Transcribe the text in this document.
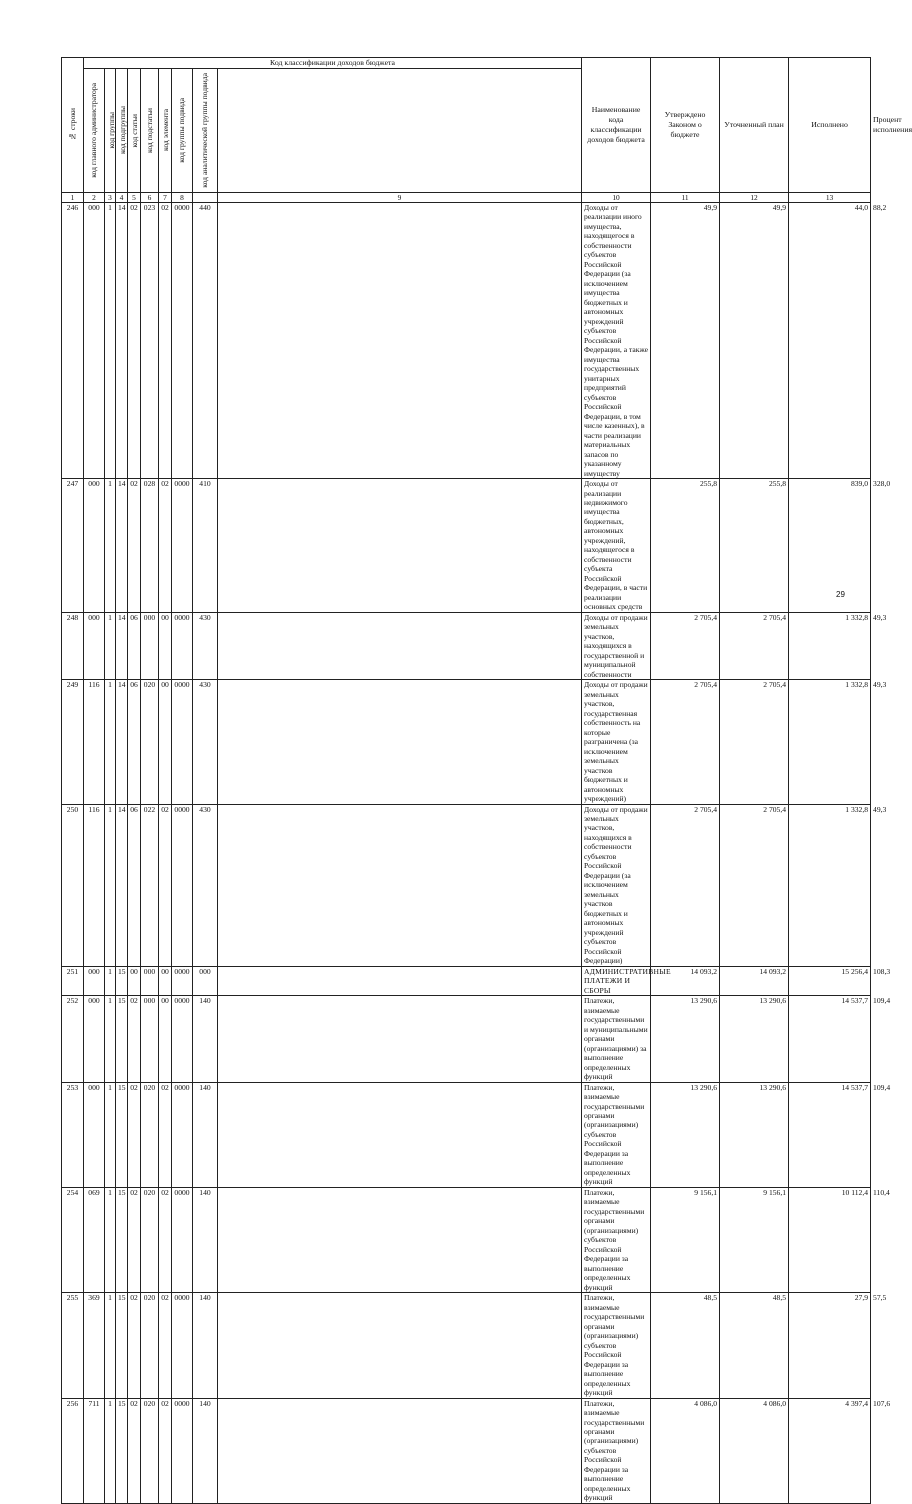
№ строки	Код классификации доходов бюджета									Наименование кода классификации доходов бюджета	Утверждено Законом о бюджете	Уточненный план	Исполнено	Процент исполнения

	код главного администратора	код группы	код подгруппы	код статьи	код подстатьи	код элемента	код группы подвида	код аналитической группы подвида						

1	2	3	4	5	6	7	8		9	10	11	12	13	
246	000	1	14	02	023	02	0000	440		Доходы от реализации иного имущества, находящегося в собственности субъектов Российской Федерации (за исключением имущества бюджетных и автономных учреждений субъектов Российской Федерации, а также имущества государственных унитарных предприятий субъектов Российской Федерации, в том числе казенных), в части реализации материальных запасов по указанному имуществу	49,9	49,9	44,0	88,2
247	000	1	14	02	028	02	0000	410		Доходы от реализации недвижимого имущества бюджетных, автономных учреждений, находящегося в собственности субъекта Российской Федерации, в части реализации основных средств	255,8	255,8	839,0	328,0
248	000	1	14	06	000	00	0000	430		Доходы от продажи земельных участков, находящихся в государственной и муниципальной собственности	2 705,4	2 705,4	1 332,8	49,3
249	116	1	14	06	020	00	0000	430		Доходы от продажи земельных участков, государственная собственность на которые разграничена (за исключением земельных участков бюджетных и автономных учреждений)	2 705,4	2 705,4	1 332,8	49,3
250	116	1	14	06	022	02	0000	430		Доходы от продажи земельных участков, находящихся в собственности субъектов Российской Федерации (за исключением земельных участков бюджетных и автономных учреждений субъектов Российской Федерации)	2 705,4	2 705,4	1 332,8	49,3
251	000	1	15	00	000	00	0000	000		АДМИНИСТРАТИВНЫЕ ПЛАТЕЖИ И СБОРЫ	14 093,2	14 093,2	15 256,4	108,3
252	000	1	15	02	000	00	0000	140		Платежи, взимаемые государственными и муниципальными органами (организациями) за выполнение определенных функций	13 290,6	13 290,6	14 537,7	109,4
253	000	1	15	02	020	02	0000	140		Платежи, взимаемые государственными органами (организациями) субъектов Российской Федерации за выполнение определенных функций	13 290,6	13 290,6	14 537,7	109,4
254	069	1	15	02	020	02	0000	140		Платежи, взимаемые государственными органами (организациями) субъектов Российской Федерации за выполнение определенных функций	9 156,1	9 156,1	10 112,4	110,4
255	369	1	15	02	020	02	0000	140		Платежи, взимаемые государственными органами (организациями) субъектов Российской Федерации за выполнение определенных функций	48,5	48,5	27,9	57,5
256	711	1	15	02	020	02	0000	140		Платежи, взимаемые государственными органами (организациями) субъектов Российской Федерации за выполнение определенных функций	4 086,0	4 086,0	4 397,4	107,6
29
